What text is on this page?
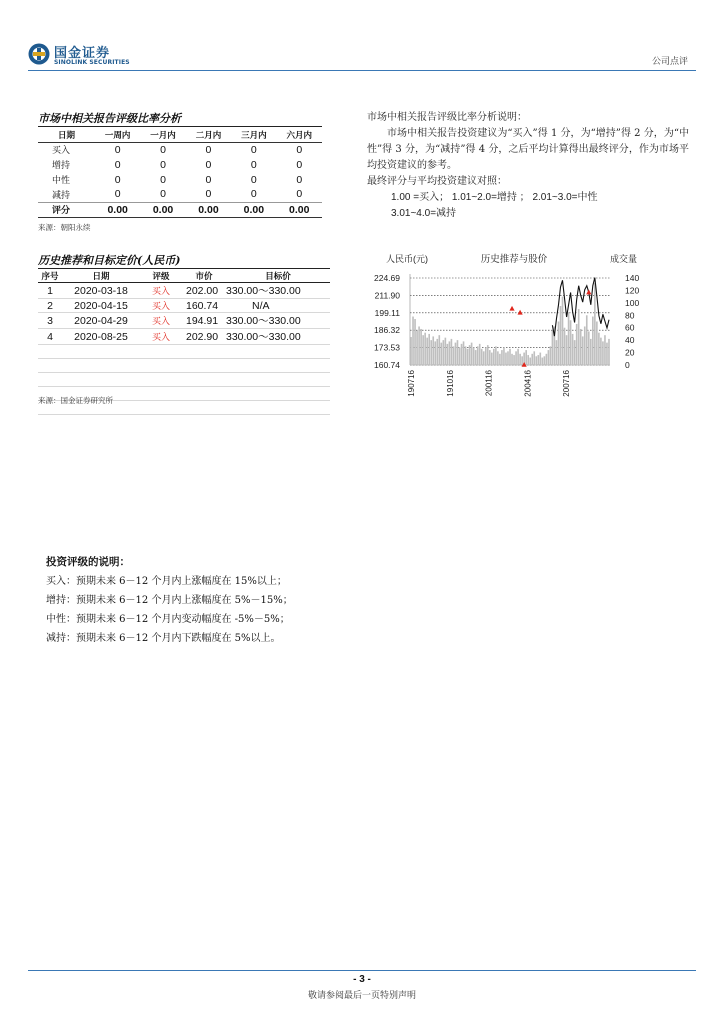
国金证券
SINOLINK SECURITIES	公司点评
市场中相关报告评级比率分析
日期	一周内	一月内	二月内	三月内	六月内
买入	0	0	0	0	0
增持	0	0	0	0	0
中性	0	0	0	0	0
减持	0	0	0	0	0
评分	0.00	0.00	0.00	0.00	0.00
来源：朝阳永续
历史推荐和目标定价(人民币)
序号	日期	评级	市价	目标价
1	2020-03-18	买入	202.00	330.00～330.00
2	2020-04-15	买入	160.74	N/A
3	2020-04-29	买入	194.91	330.00～330.00
4	2020-08-25	买入	202.90	330.00～330.00

来源：国金证券研究所
市场中相关报告评级比率分析说明：
市场中相关报告投资建议为“买入”得 1 分，为“增持”得 2 分，为“中性”得 3 分，为“减持”得 4 分，之后平均计算得出最终评分，作为市场平均投资建议的参考。
最终评分与平均投资建议对照：
1.00 =买入； 1.01~2.0=增持 ； 2.01~3.0=中性
3.01~4.0=减持
历史推荐与股价
人民币(元)	成交量
224.69
211.90
199.11
186.32
173.53
160.74
140
120
100
80
60
40
20
0
190716	191016	200116	200416	200716
投资评级的说明：
买入：预期未来 6－12 个月内上涨幅度在 15%以上；
增持：预期未来 6－12 个月内上涨幅度在 5%－15%；
中性：预期未来 6－12 个月内变动幅度在 -5%－5%；
减持：预期未来 6－12 个月内下跌幅度在 5%以上。
- 3 -
敬请参阅最后一页特别声明
